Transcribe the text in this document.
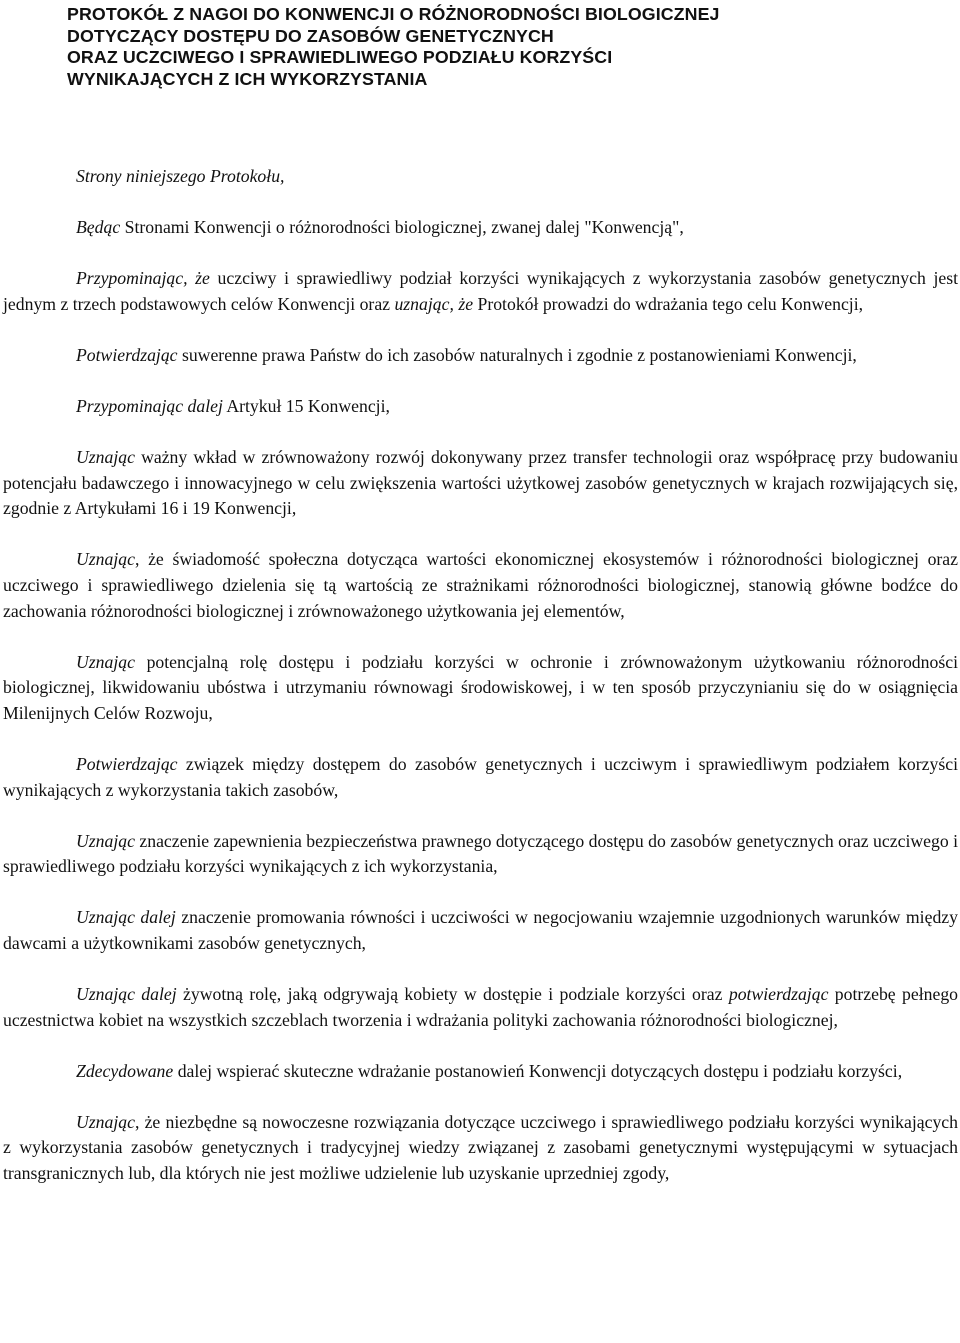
PROTOKÓŁ Z NAGOI DO KONWENCJI O RÓŻNORODNOŚCI BIOLOGICZNEJ
DOTYCZĄCY DOSTĘPU DO ZASOBÓW GENETYCZNYCH
ORAZ UCZCIWEGO I SPRAWIEDLIWEGO PODZIAŁU KORZYŚCI
WYNIKAJĄCYCH Z ICH WYKORZYSTANIA

Strony niniejszego Protokołu,

Będąc Stronami Konwencji o różnorodności biologicznej, zwanej dalej "Konwencją",

Przypominając, że uczciwy i sprawiedliwy podział korzyści wynikających z wykorzystania zasobów genetycznych jest jednym z trzech podstawowych celów Konwencji oraz uznając, że Protokół prowadzi do wdrażania tego celu Konwencji,

Potwierdzając suwerenne prawa Państw do ich zasobów naturalnych i zgodnie z postanowieniami Konwencji,

Przypominając dalej Artykuł 15 Konwencji,

Uznając ważny wkład w zrównoważony rozwój dokonywany przez transfer technologii oraz współpracę przy budowaniu potencjału badawczego i innowacyjnego w celu zwiększenia wartości użytkowej zasobów genetycznych w krajach rozwijających się, zgodnie z Artykułami 16 i 19 Konwencji,

Uznając, że świadomość społeczna dotycząca wartości ekonomicznej ekosystemów i różnorodności biologicznej oraz uczciwego i sprawiedliwego dzielenia się tą wartością ze strażnikami różnorodności biologicznej, stanowią główne bodźce do zachowania różnorodności biologicznej i zrównoważonego użytkowania jej elementów,

Uznając potencjalną rolę dostępu i podziału korzyści w ochronie i zrównoważonym użytkowaniu różnorodności biologicznej, likwidowaniu ubóstwa i utrzymaniu równowagi środowiskowej, i w ten sposób przyczynianiu się do w osiągnięcia Milenijnych Celów Rozwoju,

Potwierdzając związek między dostępem do zasobów genetycznych i uczciwym i sprawiedliwym podziałem korzyści wynikających z wykorzystania takich zasobów,

Uznając znaczenie zapewnienia bezpieczeństwa prawnego dotyczącego dostępu do zasobów genetycznych oraz uczciwego i sprawiedliwego podziału korzyści wynikających z ich wykorzystania,

Uznając dalej znaczenie promowania równości i uczciwości w negocjowaniu wzajemnie uzgodnionych warunków między dawcami a użytkownikami zasobów genetycznych,

Uznając dalej żywotną rolę, jaką odgrywają kobiety w dostępie i podziale korzyści oraz potwierdzając potrzebę pełnego uczestnictwa kobiet na wszystkich szczeblach tworzenia i wdrażania polityki zachowania różnorodności biologicznej,

Zdecydowane dalej wspierać skuteczne wdrażanie postanowień Konwencji dotyczących dostępu i podziału korzyści,

Uznając, że niezbędne są nowoczesne rozwiązania dotyczące uczciwego i sprawiedliwego podziału korzyści wynikających z wykorzystania zasobów genetycznych i tradycyjnej wiedzy związanej z zasobami genetycznymi występującymi w sytuacjach transgranicznych lub, dla których nie jest możliwe udzielenie lub uzyskanie uprzedniej zgody,
